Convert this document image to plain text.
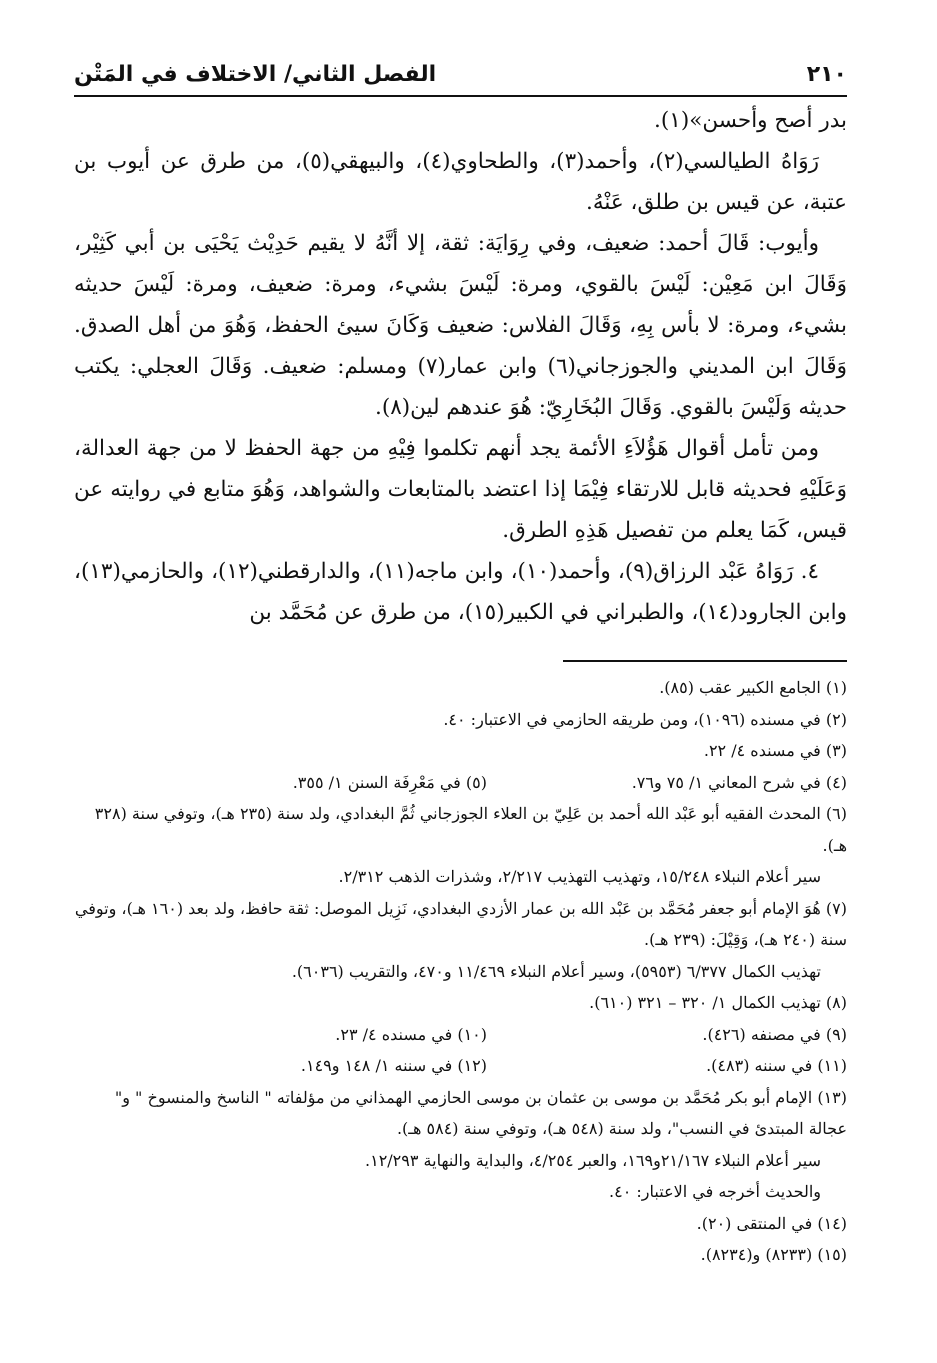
٢١٠
الفصل الثاني/ الاختلاف في المَتْن

بدر أصح وأحسن»(١).

رَوَاهُ الطيالسي(٢)، وأحمد(٣)، والطحاوي(٤)، والبيهقي(٥)، من طرق عن أيوب بن عتبة، عن قيس بن طلق، عَنْهُ.

وأيوب: قَالَ أحمد: ضعيف، وفي رِوَايَة: ثقة، إلا أنَّهُ لا يقيم حَدِيْث يَحْيَى بن أبي كَثِيْر، وَقَالَ ابن مَعِيْن: لَيْسَ بالقوي، ومرة: لَيْسَ بشيء، ومرة: ضعيف، ومرة: لَيْسَ حديثه بشيء، ومرة: لا بأس بِهِ، وَقَالَ الفلاس: ضعيف وَكَانَ سيئ الحفظ، وَهُوَ من أهل الصدق. وَقَالَ ابن المديني والجوزجاني(٦) وابن عمار(٧) ومسلم: ضعيف. وَقَالَ العجلي: يكتب حديثه وَلَيْسَ بالقوي. وَقَالَ البُخَارِيّ: هُوَ عندهم لين(٨).

ومن تأمل أقوال هَؤُلاَءِ الأئمة يجد أنهم تكلموا فِيْهِ من جهة الحفظ لا من جهة العدالة، وَعَلَيْهِ فحديثه قابل للارتقاء فِيْمَا إذا اعتضد بالمتابعات والشواهد، وَهُوَ متابع في روايته عن قيس، كَمَا يعلم من تفصيل هَذِهِ الطرق.

٤. رَوَاهُ عَبْد الرزاق(٩)، وأحمد(١٠)، وابن ماجه(١١)، والدارقطني(١٢)، والحازمي(١٣)، وابن الجارود(١٤)، والطبراني في الكبير(١٥)، من طرق عن مُحَمَّد بن

(١) الجامع الكبير عقب (٨٥).

(٢) في مسنده (١٠٩٦)، ومن طريقه الحازمي في الاعتبار: ٤٠.

(٣) في مسنده ٤/ ٢٢.

(٤) في شرح المعاني ١/ ٧٥ و٧٦.
(٥) في مَعْرِفَة السنن ١/ ٣٥٥.

(٦) المحدث الفقيه أبو عَبْد الله أحمد بن عَلِيّ بن العلاء الجوزجاني ثُمَّ البغدادي، ولد سنة (٢٣٥ هـ)، وتوفي سنة (٣٢٨ هـ).

سير أعلام النبلاء ١٥/٢٤٨، وتهذيب التهذيب ٢/٢١٧، وشذرات الذهب ٢/٣١٢.

(٧) هُوَ الإمام أبو جعفر مُحَمَّد بن عَبْد الله بن عمار الأزدي البغدادي، نَزِيل الموصل: ثقة حافظ، ولد بعد (١٦٠ هـ)، وتوفي سنة (٢٤٠ هـ)، وَقِيْلَ: (٢٣٩ هـ).

تهذيب الكمال ٦/٣٧٧ (٥٩٥٣)، وسير أعلام النبلاء ١١/٤٦٩ و٤٧٠، والتقريب (٦٠٣٦).

(٨) تهذيب الكمال ١/ ٣٢٠ – ٣٢١ (٦١٠).

(٩) في مصنفه (٤٢٦).
(١٠) في مسنده ٤/ ٢٣.
(١١) في سننه (٤٨٣).
(١٢) في سننه ١/ ١٤٨ و١٤٩.

(١٣) الإمام أبو بكر مُحَمَّد بن موسى بن عثمان بن موسى الحازمي الهمذاني من مؤلفاته " الناسخ والمنسوخ " و" عجالة المبتدئ في النسب"، ولد سنة (٥٤٨ هـ)، وتوفي سنة (٥٨٤ هـ).

سير أعلام النبلاء ٢١/١٦٧و١٦٩، والعبر ٤/٢٥٤، والبداية والنهاية ١٢/٢٩٣.

والحديث أخرجه في الاعتبار: ٤٠.

(١٤) في المنتقى (٢٠).

(١٥) (٨٢٣٣) و(٨٢٣٤).
